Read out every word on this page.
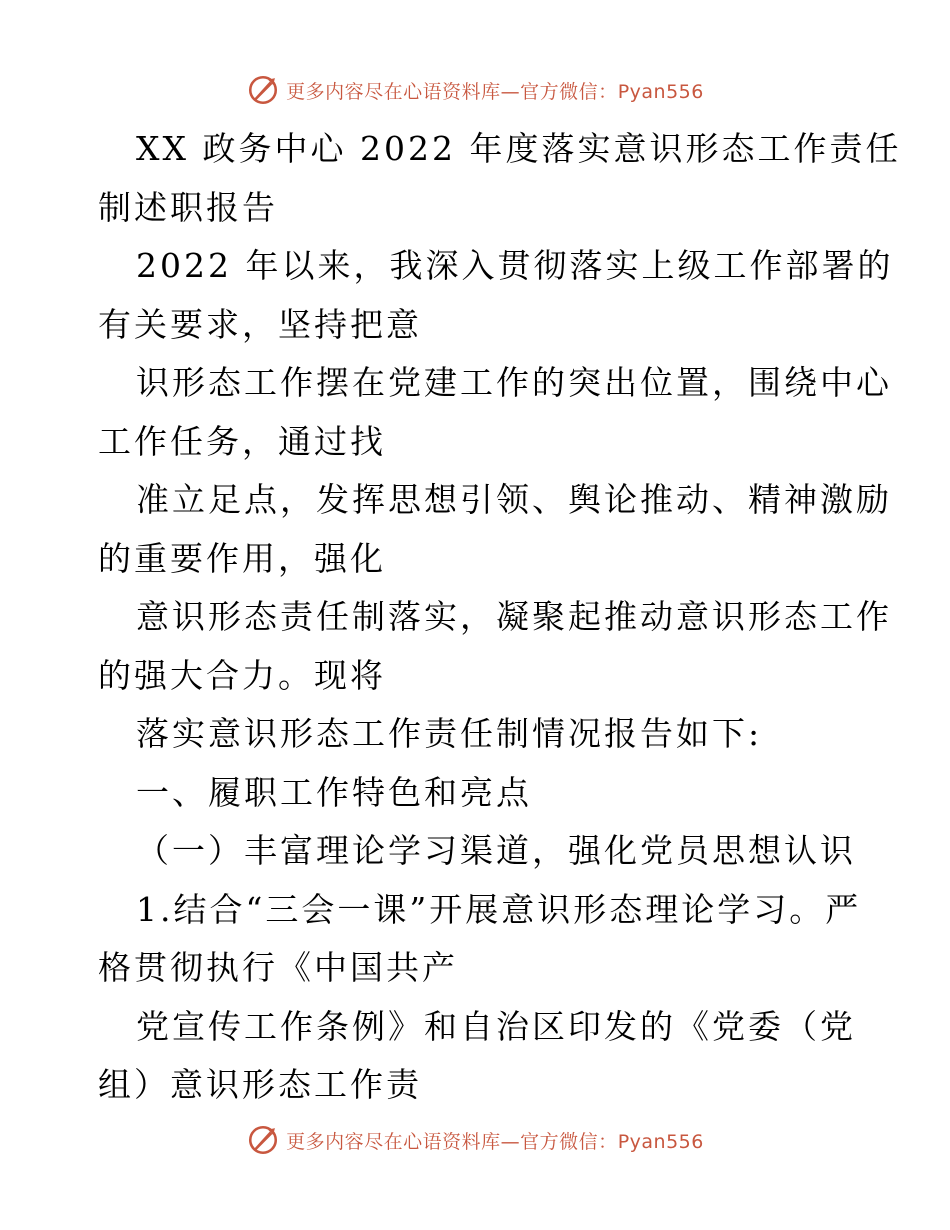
更多内容尽在心语资料库—官方微信：Pyan556
XX 政务中心 2022 年度落实意识形态工作责任
制述职报告
2022 年以来，我深入贯彻落实上级工作部署的
有关要求，坚持把意
识形态工作摆在党建工作的突出位置，围绕中心
工作任务，通过找
准立足点，发挥思想引领、舆论推动、精神激励
的重要作用，强化
意识形态责任制落实，凝聚起推动意识形态工作
的强大合力。现将
落实意识形态工作责任制情况报告如下:
一、履职工作特色和亮点
（一）丰富理论学习渠道，强化党员思想认识
1.结合“三会一课”开展意识形态理论学习。严
格贯彻执行《中国共产
党宣传工作条例》和自治区印发的《党委（党
组）意识形态工作责
更多内容尽在心语资料库—官方微信：Pyan556
